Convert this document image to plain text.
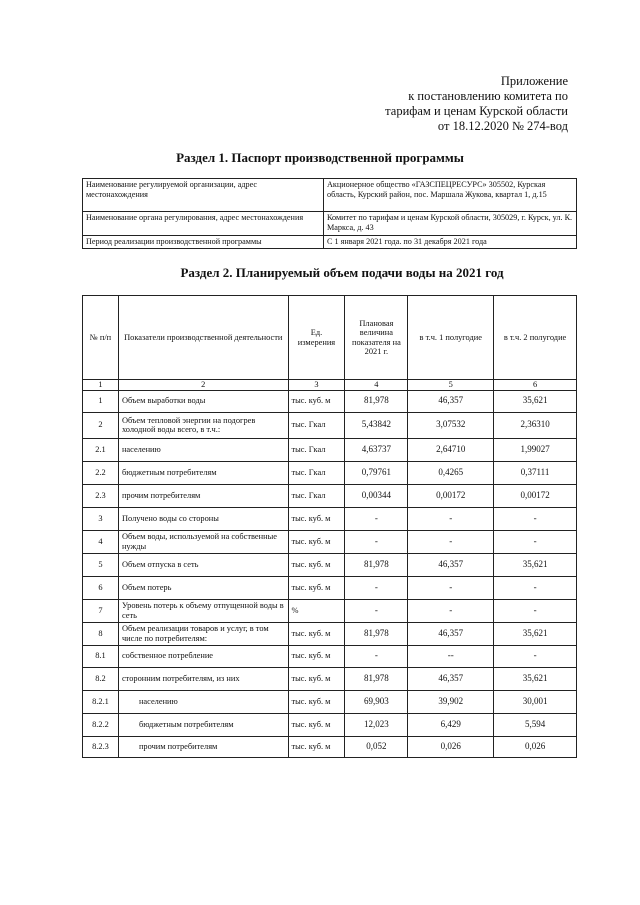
Приложение
к постановлению комитета по
тарифам и ценам Курской области
от 18.12.2020 № 274-вод
Раздел 1. Паспорт производственной программы
Наименование регулируемой организации, адрес местонахождения	Акционерное общество «ГАЗСПЕЦРЕСУРС» 305502, Курская область, Курский район, пос. Маршала Жукова, квартал 1, д.15
Наименование органа регулирования, адрес местонахождения	Комитет по тарифам и ценам Курской области, 305029, г. Курск, ул. К. Маркса, д. 43
Период реализации производственной программы	С 1 января 2021 года. по 31 декабря 2021 года
Раздел 2. Планируемый объем подачи воды на 2021 год
№ п/п	Показатели производственной деятельности	Ед. измерения	Плановая величина показателя на 2021 г.	в т.ч. 1 полугодие	в т.ч. 2 полугодие
1	2	3	4	5	6
1	Объем выработки воды	тыс. куб. м	81,978	46,357	35,621
2	Объем тепловой энергии на подогрев холодной воды всего, в т.ч.:	тыс. Гкал	5,43842	3,07532	2,36310
2.1	населению	тыс. Гкал	4,63737	2,64710	1,99027
2.2	бюджетным потребителям	тыс. Гкал	0,79761	0,4265	0,37111
2.3	прочим потребителям	тыс. Гкал	0,00344	0,00172	0,00172
3	Получено воды со стороны	тыс. куб. м	-	-	-
4	Объем воды, используемой на собственные нужды	тыс. куб. м	-	-	-
5	Объем отпуска в сеть	тыс. куб. м	81,978	46,357	35,621
6	Объем потерь	тыс. куб. м	-	-	-
7	Уровень потерь к объему отпущенной воды в сеть	%	-	-	-
8	Объем реализации товаров и услуг, в том числе по потребителям:	тыс. куб. м	81,978	46,357	35,621
8.1	собственное потребление	тыс. куб. м	-	--	-
8.2	сторонним потребителям, из них	тыс. куб. м	81,978	46,357	35,621
8.2.1	населению	тыс. куб. м	69,903	39,902	30,001
8.2.2	бюджетным потребителям	тыс. куб. м	12,023	6,429	5,594
8.2.3	прочим потребителям	тыс. куб. м	0,052	0,026	0,026
